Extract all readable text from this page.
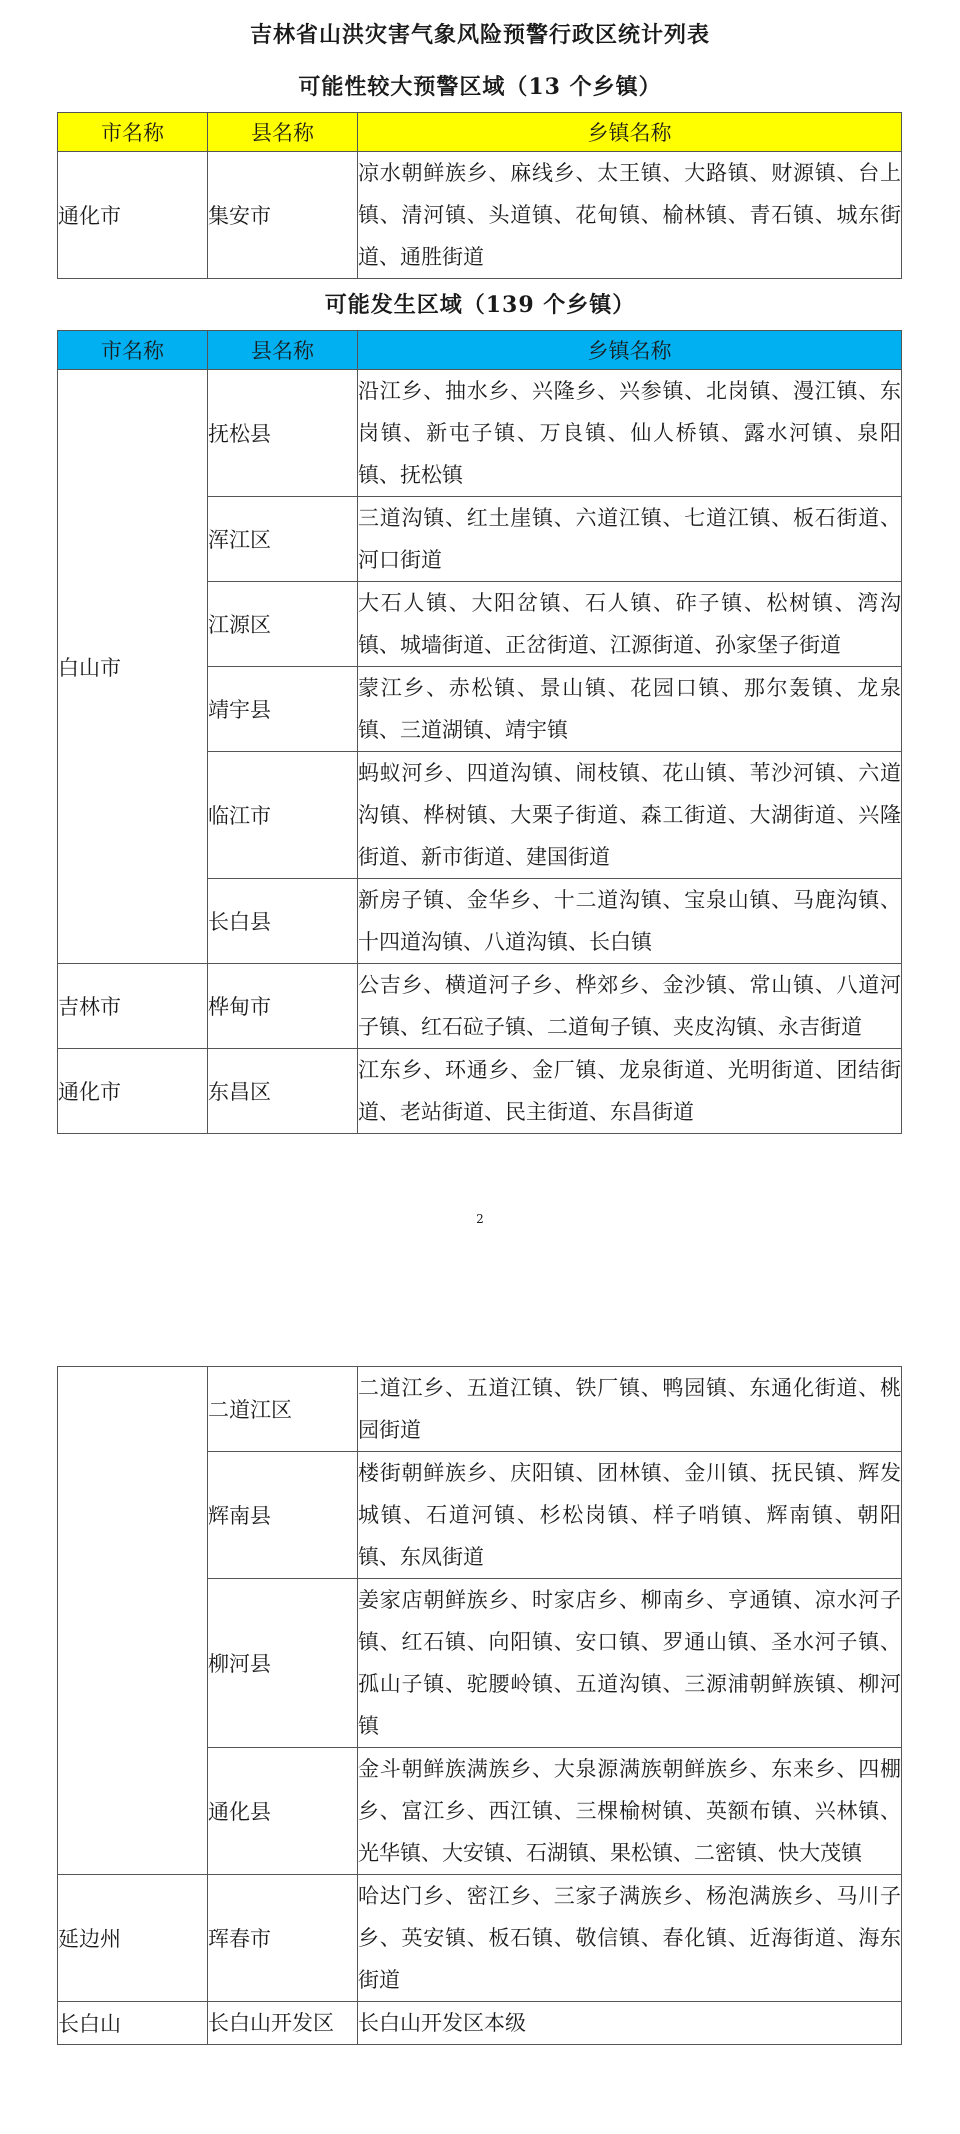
吉林省山洪灾害气象风险预警行政区统计列表
可能性较大预警区域（13 个乡镇）
市名称	县名称	乡镇名称
通化市	集安市	凉水朝鲜族乡、麻线乡、太王镇、大路镇、财源镇、台上镇、清河镇、头道镇、花甸镇、榆林镇、青石镇、城东街道、通胜街道
可能发生区域（139 个乡镇）
市名称	县名称	乡镇名称
白山市	抚松县	沿江乡、抽水乡、兴隆乡、兴参镇、北岗镇、漫江镇、东岗镇、新屯子镇、万良镇、仙人桥镇、露水河镇、泉阳镇、抚松镇
	浑江区	三道沟镇、红土崖镇、六道江镇、七道江镇、板石街道、河口街道
	江源区	大石人镇、大阳岔镇、石人镇、砟子镇、松树镇、湾沟镇、城墙街道、正岔街道、江源街道、孙家堡子街道
	靖宇县	蒙江乡、赤松镇、景山镇、花园口镇、那尔轰镇、龙泉镇、三道湖镇、靖宇镇
	临江市	蚂蚁河乡、四道沟镇、闹枝镇、花山镇、苇沙河镇、六道沟镇、桦树镇、大栗子街道、森工街道、大湖街道、兴隆街道、新市街道、建国街道
	长白县	新房子镇、金华乡、十二道沟镇、宝泉山镇、马鹿沟镇、十四道沟镇、八道沟镇、长白镇
吉林市	桦甸市	公吉乡、横道河子乡、桦郊乡、金沙镇、常山镇、八道河子镇、红石砬子镇、二道甸子镇、夹皮沟镇、永吉街道
通化市	东昌区	江东乡、环通乡、金厂镇、龙泉街道、光明街道、团结街道、老站街道、民主街道、东昌街道
2
	二道江区	二道江乡、五道江镇、铁厂镇、鸭园镇、东通化街道、桃园街道
	辉南县	楼街朝鲜族乡、庆阳镇、团林镇、金川镇、抚民镇、辉发城镇、石道河镇、杉松岗镇、样子哨镇、辉南镇、朝阳镇、东凤街道
	柳河县	姜家店朝鲜族乡、时家店乡、柳南乡、亨通镇、凉水河子镇、红石镇、向阳镇、安口镇、罗通山镇、圣水河子镇、孤山子镇、驼腰岭镇、五道沟镇、三源浦朝鲜族镇、柳河镇
	通化县	金斗朝鲜族满族乡、大泉源满族朝鲜族乡、东来乡、四棚乡、富江乡、西江镇、三棵榆树镇、英额布镇、兴林镇、光华镇、大安镇、石湖镇、果松镇、二密镇、快大茂镇
延边州	珲春市	哈达门乡、密江乡、三家子满族乡、杨泡满族乡、马川子乡、英安镇、板石镇、敬信镇、春化镇、近海街道、海东街道
长白山	长白山开发区	长白山开发区本级
